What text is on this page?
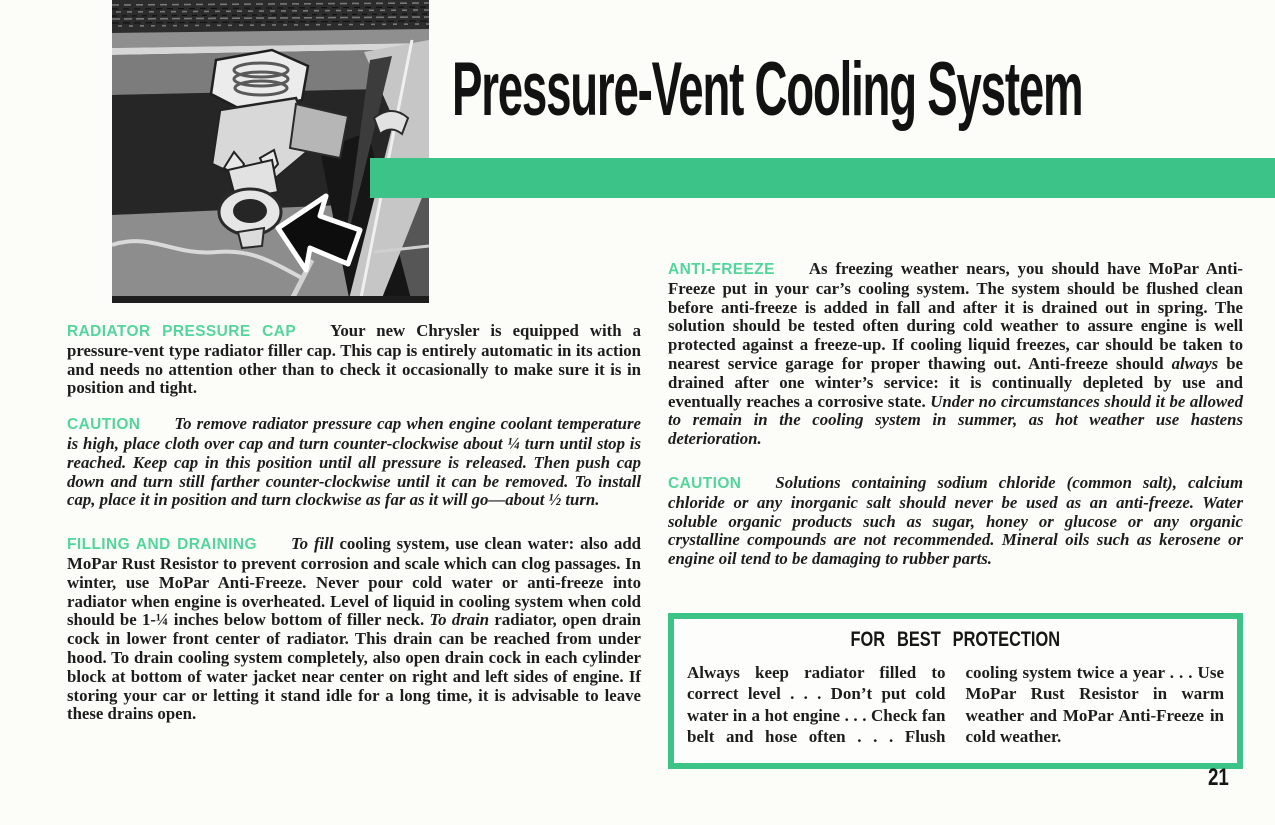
Pressure-Vent Cooling System

RADIATOR PRESSURE CAP Your new Chrysler is equipped with a pressure-vent type radiator filler cap. This cap is entirely automatic in its action and needs no attention other than to check it occasionally to make sure it is in position and tight.

CAUTION To remove radiator pressure cap when engine coolant temperature is high, place cloth over cap and turn counter-clockwise about ¼ turn until stop is reached. Keep cap in this position until all pressure is released. Then push cap down and turn still farther counter-clockwise until it can be removed. To install cap, place it in position and turn clockwise as far as it will go—about ½ turn.

FILLING AND DRAINING To fill cooling system, use clean water: also add MoPar Rust Resistor to prevent corrosion and scale which can clog passages. In winter, use MoPar Anti-Freeze. Never pour cold water or anti-freeze into radiator when engine is overheated. Level of liquid in cooling system when cold should be 1-¼ inches below bottom of filler neck. To drain radiator, open drain cock in lower front center of radiator. This drain can be reached from under hood. To drain cooling system completely, also open drain cock in each cylinder block at bottom of water jacket near center on right and left sides of engine. If storing your car or letting it stand idle for a long time, it is advisable to leave these drains open.

ANTI-FREEZE As freezing weather nears, you should have MoPar Anti-Freeze put in your car’s cooling system. The system should be flushed clean before anti-freeze is added in fall and after it is drained out in spring. The solution should be tested often during cold weather to assure engine is well protected against a freeze-up. If cooling liquid freezes, car should be taken to nearest service garage for proper thawing out. Anti-freeze should always be drained after one winter’s service: it is continually depleted by use and eventually reaches a corrosive state. Under no circumstances should it be allowed to remain in the cooling system in summer, as hot weather use hastens deterioration.

CAUTION Solutions containing sodium chloride (common salt), calcium chloride or any inorganic salt should never be used as an anti-freeze. Water soluble organic products such as sugar, honey or glucose or any organic crystalline compounds are not recommended. Mineral oils such as kerosene or engine oil tend to be damaging to rubber parts.

FOR BEST PROTECTION
Always keep radiator filled to correct level . . . Don’t put cold water in a hot engine . . . Check fan belt and hose often . . . Flush cooling system twice a year . . . Use MoPar Rust Resistor in warm weather and MoPar Anti-Freeze in cold weather.
21
